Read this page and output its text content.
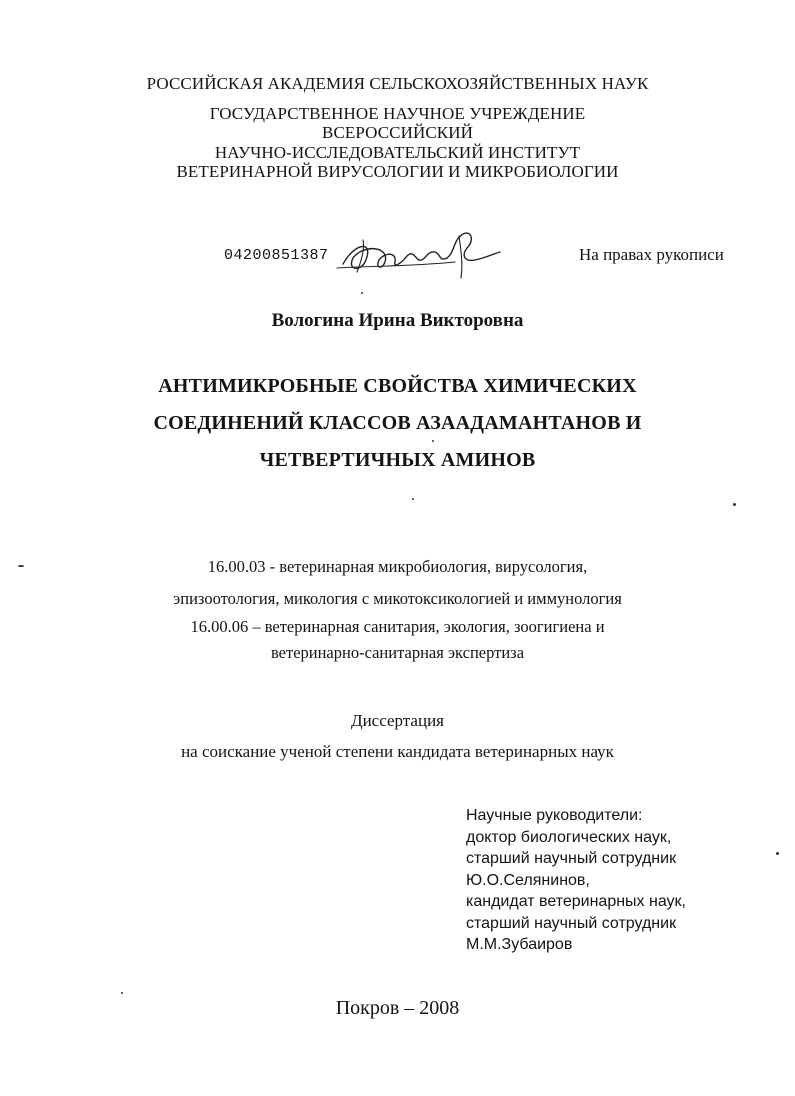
РОССИЙСКАЯ АКАДЕМИЯ СЕЛЬСКОХОЗЯЙСТВЕННЫХ НАУК
ГОСУДАРСТВЕННОЕ НАУЧНОЕ УЧРЕЖДЕНИЕ
ВСЕРОССИЙСКИЙ
НАУЧНО-ИССЛЕДОВАТЕЛЬСКИЙ ИНСТИТУТ
ВЕТЕРИНАРНОЙ ВИРУСОЛОГИИ И МИКРОБИОЛОГИИ
04200851387	На правах рукописи
Вологина Ирина Викторовна
АНТИМИКРОБНЫЕ СВОЙСТВА ХИМИЧЕСКИХ
СОЕДИНЕНИЙ КЛАССОВ АЗААДАМАНТАНОВ И
ЧЕТВЕРТИЧНЫХ АМИНОВ
16.00.03 - ветеринарная микробиология, вирусология,
эпизоотология, микология с микотоксикологией и иммунология
16.00.06 – ветеринарная санитария, экология, зоогигиена и
ветеринарно-санитарная экспертиза
Диссертация
на соискание ученой степени кандидата ветеринарных наук
Научные руководители:
доктор биологических наук,
старший научный сотрудник
Ю.О.Селянинов,
кандидат ветеринарных наук,
старший научный сотрудник
М.М.Зубаиров
Покров – 2008
